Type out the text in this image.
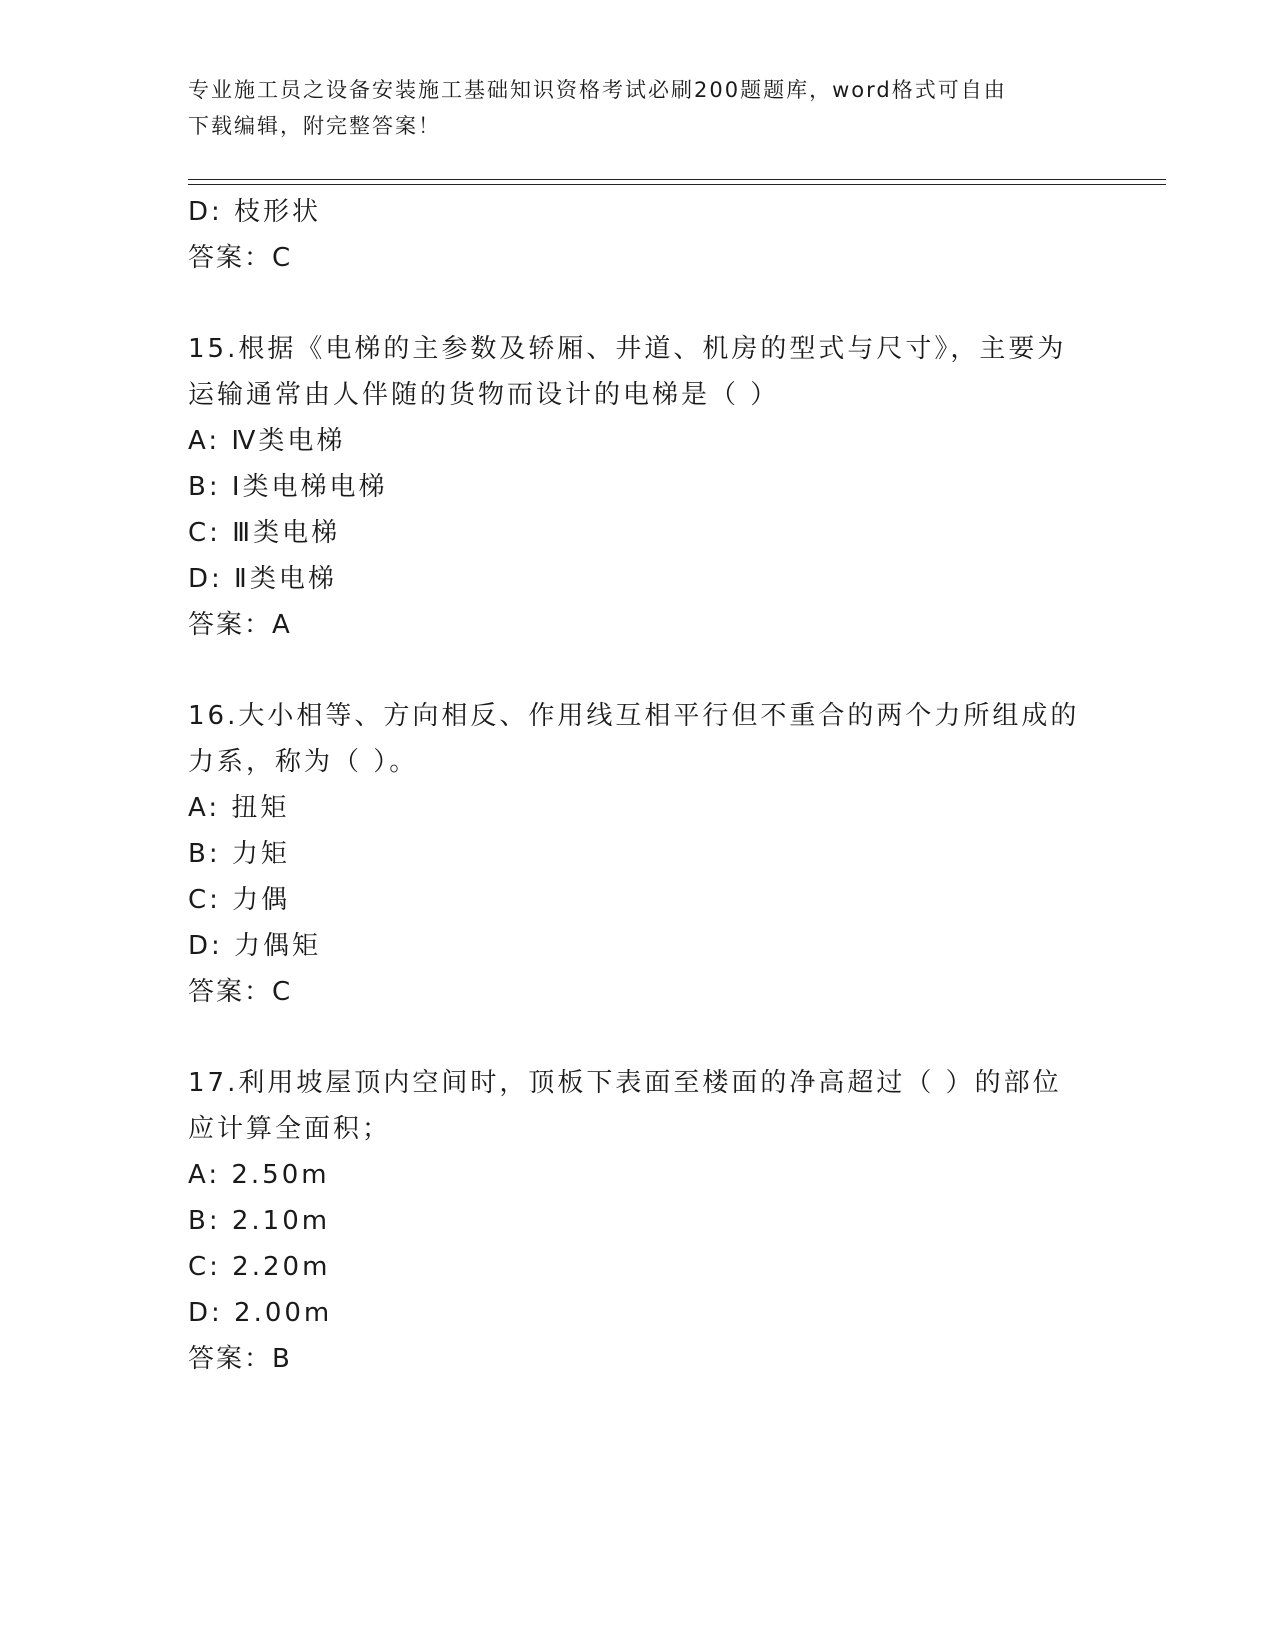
专业施工员之设备安装施工基础知识资格考试必刷200题题库，word格式可自由
下载编辑，附完整答案！
D: 枝形状
答案：C
15.根据《电梯的主参数及轿厢、井道、机房的型式与尺寸》，主要为
运输通常由人伴随的货物而设计的电梯是（ ）
A: Ⅳ类电梯
B: Ⅰ类电梯电梯
C: Ⅲ类电梯
D: Ⅱ类电梯
答案：A
16.大小相等、方向相反、作用线互相平行但不重合的两个力所组成的
力系，称为（ ）。
A: 扭矩
B: 力矩
C: 力偶
D: 力偶矩
答案：C
17.利用坡屋顶内空间时，顶板下表面至楼面的净高超过（ ）的部位
应计算全面积；
A: 2.50m
B: 2.10m
C: 2.20m
D: 2.00m
答案：B
